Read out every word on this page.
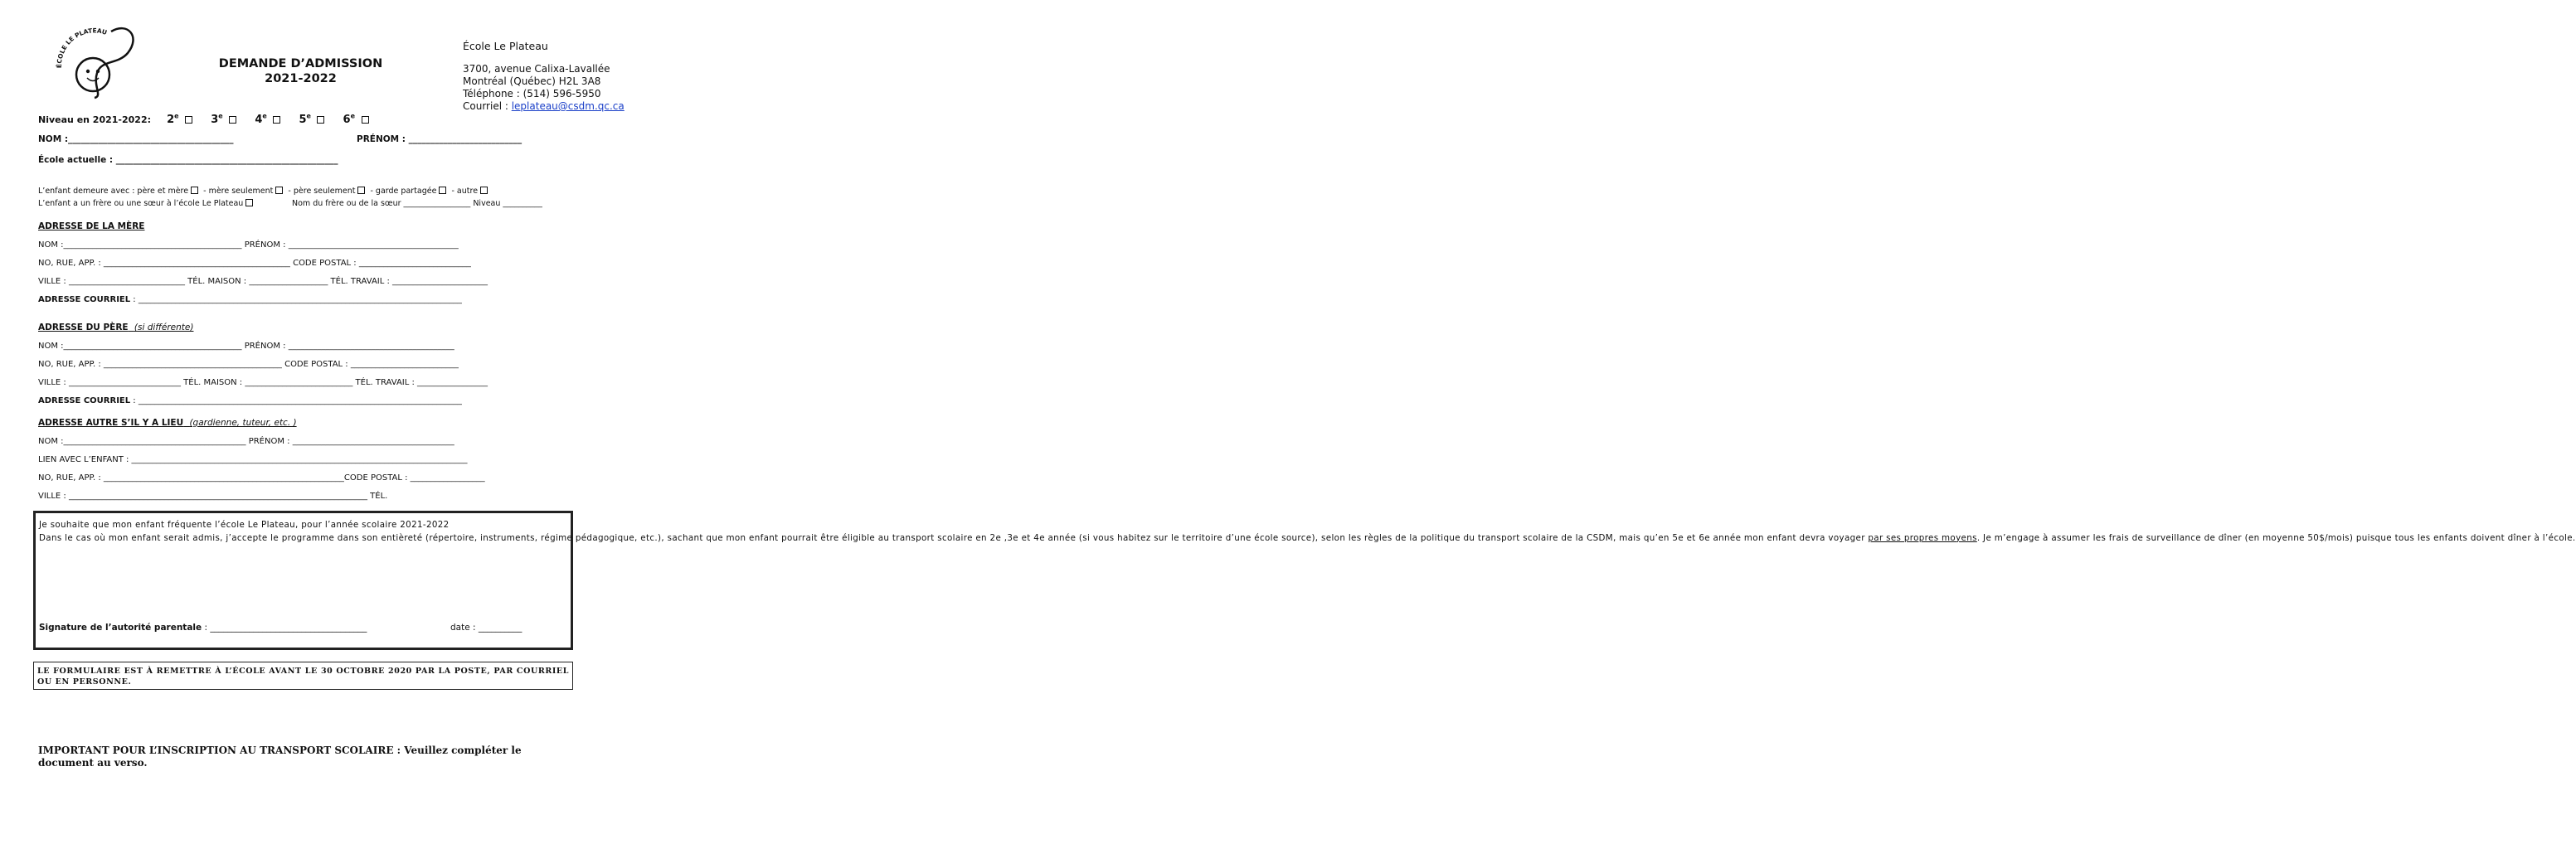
ÉCOLE LE PLATEAU
DEMANDE D’ADMISSION
2021-2022
École Le Plateau
3700, avenue Calixa-Lavallée
Montréal (Québec) H2L 3A8
Téléphone : (514) 596-5950
Courriel : leplateau@csdm.qc.ca
Niveau en 2021-2022: 2e	3e	4e	5e	6e
NOM :______________________________________	PRÉNOM : __________________________
École actuelle : ___________________________________________________
L’enfant demeure avec : père et mère - mère seulement - père seulement - garde partagée - autre
L’enfant a un frère ou une sœur à l’école Le Plateau	Nom du frère ou de la sœur _________________ Niveau __________
ADRESSE DE LA MÈRE
NOM :___________________________________________ PRÉNOM : _________________________________________
NO, RUE, APP. : _____________________________________________ CODE POSTAL : ___________________________
VILLE : ____________________________ TÉL. MAISON : ___________________ TÉL. TRAVAIL : _______________________
ADRESSE COURRIEL : ______________________________________________________________________________
ADRESSE DU PÈRE (si différente)
NOM :___________________________________________ PRÉNOM : ________________________________________
NO, RUE, APP. : ___________________________________________ CODE POSTAL : __________________________
VILLE : ___________________________ TÉL. MAISON : __________________________ TÉL. TRAVAIL : _________________
ADRESSE COURRIEL : ______________________________________________________________________________
ADRESSE AUTRE S’IL Y A LIEU (gardienne, tuteur, etc. )
NOM :____________________________________________ PRÉNOM : _______________________________________
LIEN AVEC L’ENFANT : _________________________________________________________________________________
NO, RUE, APP. : __________________________________________________________CODE POSTAL : __________________
VILLE : ________________________________________________________________________ TÉL.

Je souhaite que mon enfant fréquente l’école Le Plateau, pour l’année scolaire 2021-2022

Dans le cas où mon enfant serait admis, j’accepte le programme dans son entièreté (répertoire, instruments, régime pédagogique, etc.), sachant que mon enfant pourrait être éligible au transport scolaire en 2e ,3e et 4e année (si vous habitez sur le territoire d’une école source), selon les règles de la politique du transport scolaire de la CSDM, mais qu’en 5e et 6e année mon enfant devra voyager par ses propres moyens. Je m’engage à assumer les frais de surveillance de dîner (en moyenne 50$/mois) puisque tous les enfants doivent dîner à l’école.

Signature de l’autorité parentale : ____________________________________	date : __________
LE FORMULAIRE EST À REMETTRE À L’ÉCOLE AVANT LE 30 OCTOBRE 2020 PAR LA POSTE, PAR COURRIEL OU EN PERSONNE.
IMPORTANT POUR L’INSCRIPTION AU TRANSPORT SCOLAIRE : Veuillez compléter le document au verso.
